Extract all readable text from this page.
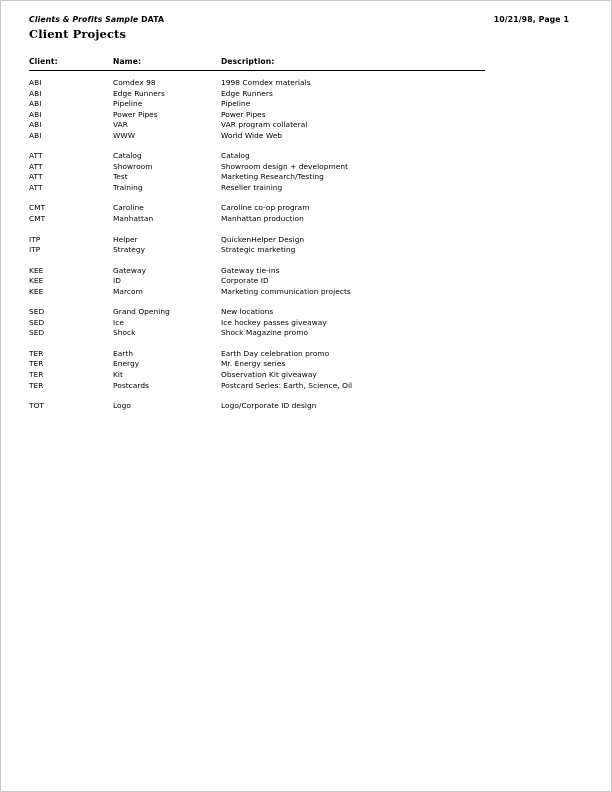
Clients & Profits Sample DATA	10/21/98, Page 1
Client Projects
Client:	Name:	Description:

ABI	Comdex 98	1998 Comdex materials
ABI	Edge Runners	Edge Runners
ABI	Pipeline	Pipeline
ABI	Power Pipes	Power Pipes
ABI	VAR	VAR program collateral
ABI	WWW	World Wide Web

ATT	Catalog	Catalog
ATT	Showroom	Showroom design + development
ATT	Test	Marketing Research/Testing
ATT	Training	Reseller training

CMT	Caroline	Caroline co-op program
CMT	Manhattan	Manhattan production

ITP	Helper	QuickenHelper Design
ITP	Strategy	Strategic marketing

KEE	Gateway	Gateway tie-ins
KEE	ID	Corporate ID
KEE	Marcom	Marketing communication projects

SED	Grand Opening	New locations
SED	Ice	Ice hockey passes giveaway
SED	Shock	Shock Magazine promo

TER	Earth	Earth Day celebration promo
TER	Energy	Mr. Energy series
TER	Kit	Observation Kit giveaway
TER	Postcards	Postcard Series: Earth, Science, Oil

TOT	Logo	Logo/Corporate ID design
